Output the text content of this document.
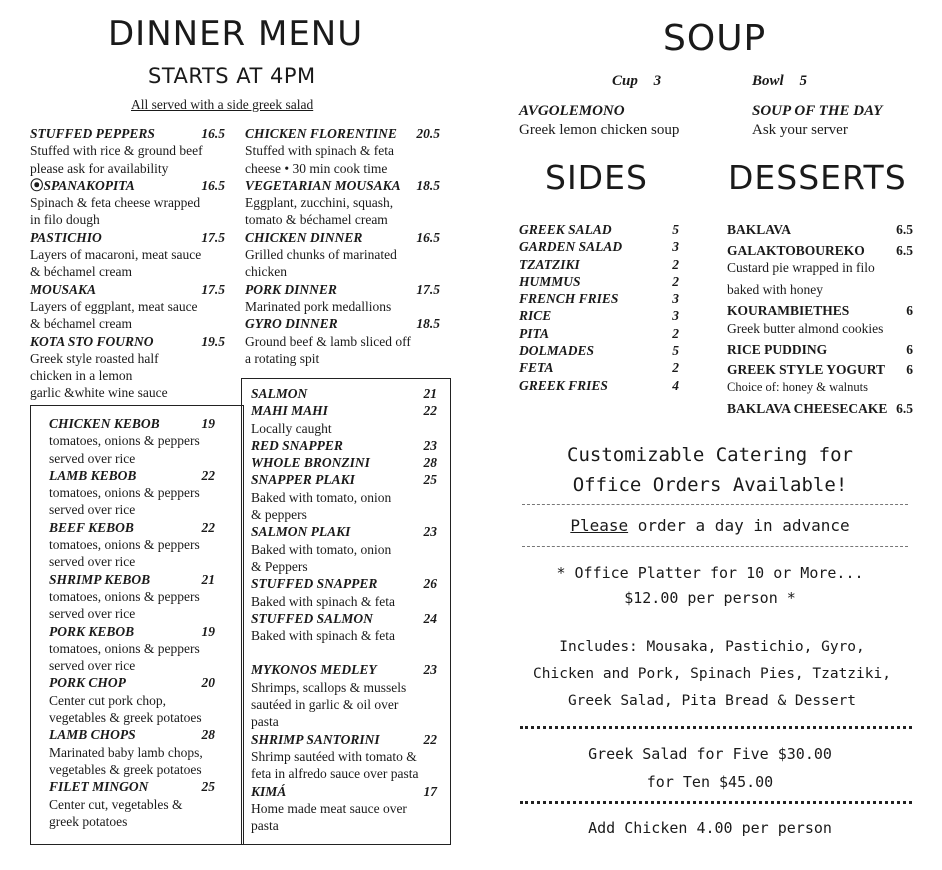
DINNER MENU
STARTS AT 4PM
All served with a side greek salad
STUFFED PEPPERS	16.5
Stuffed with rice & ground beef
please ask for availability
⦿SPANAKOPITA	16.5
Spinach & feta cheese wrapped
in filo dough
PASTICHIO	17.5
Layers of macaroni, meat sauce
& béchamel cream
MOUSAKA	17.5
Layers of eggplant, meat sauce
& béchamel cream
KOTA STO FOURNO	19.5
Greek style roasted half
chicken in a lemon
garlic &white wine sauce
CHICKEN FLORENTINE 20.5
Stuffed with spinach & feta
cheese • 30 min cook time
VEGETARIAN MOUSAKA 18.5
Eggplant, zucchini, squash,
tomato & béchamel cream
CHICKEN DINNER	16.5
Grilled chunks of marinated
chicken
PORK DINNER	17.5
Marinated pork medallions
GYRO DINNER	18.5
Ground beef & lamb sliced off
a rotating spit
CHICKEN KEBOB	19
tomatoes, onions & peppers
served over rice
LAMB KEBOB	22
tomatoes, onions & peppers
served over rice
BEEF KEBOB	22
tomatoes, onions & peppers
served over rice
SHRIMP KEBOB	21
tomatoes, onions & peppers
served over rice
PORK KEBOB	19
tomatoes, onions & peppers
served over rice
PORK CHOP	20
Center cut pork chop,
vegetables & greek potatoes
LAMB CHOPS	28
Marinated baby lamb chops,
vegetables & greek potatoes
FILET MINGON	25
Center cut, vegetables &
greek potatoes
SALMON	21
MAHI MAHI	22
Locally caught
RED SNAPPER	23
WHOLE BRONZINI	28
SNAPPER PLAKI	25
Baked with tomato, onion
& peppers
SALMON PLAKI	23
Baked with tomato, onion
& Peppers
STUFFED SNAPPER	26
Baked with spinach & feta
STUFFED SALMON	24
Baked with spinach & feta
MYKONOS MEDLEY	23
Shrimps, scallops & mussels
sautéed in garlic & oil over
pasta
SHRIMP SANTORINI	22
Shrimp sautéed with tomato &
feta in alfredo sauce over pasta
KIMÁ	17
Home made meat sauce over
pasta
SOUP
Cup 3	Bowl 5
AVGOLEMONO
Greek lemon chicken soup
SOUP OF THE DAY
Ask your server
SIDES DESSERTS
GREEK SALAD	5
GARDEN SALAD	3
TZATZIKI	2
HUMMUS	2
FRENCH FRIES	3
RICE	3
PITA	2
DOLMADES	5
FETA	2
GREEK FRIES	4
BAKLAVA	6.5
GALAKTOBOUREKO 6.5
Custard pie wrapped in filo
baked with honey
KOURAMBIETHES	6
Greek butter almond cookies
RICE PUDDING	6
GREEK STYLE YOGURT 6
Choice of: honey & walnuts
BAKLAVA CHEESECAKE 6.5
Customizable Catering for
Office Orders Available!
Please order a day in advance
* Office Platter for 10 or More...
$12.00 per person *
Includes: Mousaka, Pastichio, Gyro,
Chicken and Pork, Spinach Pies, Tzatziki,
Greek Salad, Pita Bread & Dessert
Greek Salad for Five $30.00
for Ten $45.00
Add Chicken 4.00 per person
